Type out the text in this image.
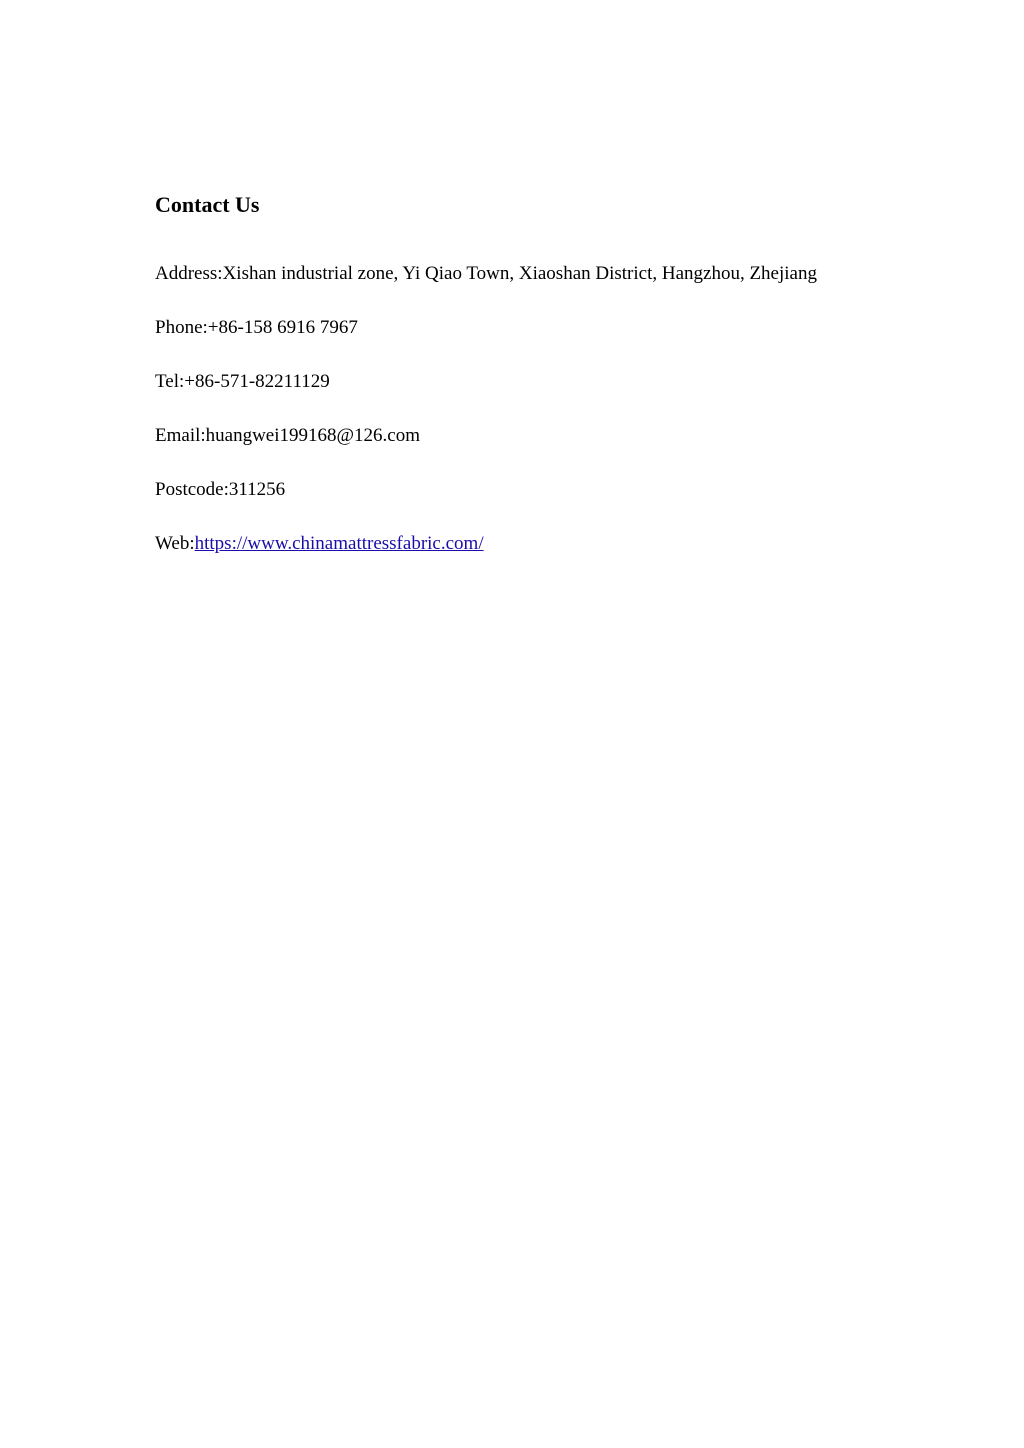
Contact Us

Address:Xishan industrial zone, Yi Qiao Town, Xiaoshan District, Hangzhou, Zhejiang

Phone:+86-158 6916 7967

Tel:+86-571-82211129

Email:huangwei199168@126.com

Postcode:311256

Web:https://www.chinamattressfabric.com/
